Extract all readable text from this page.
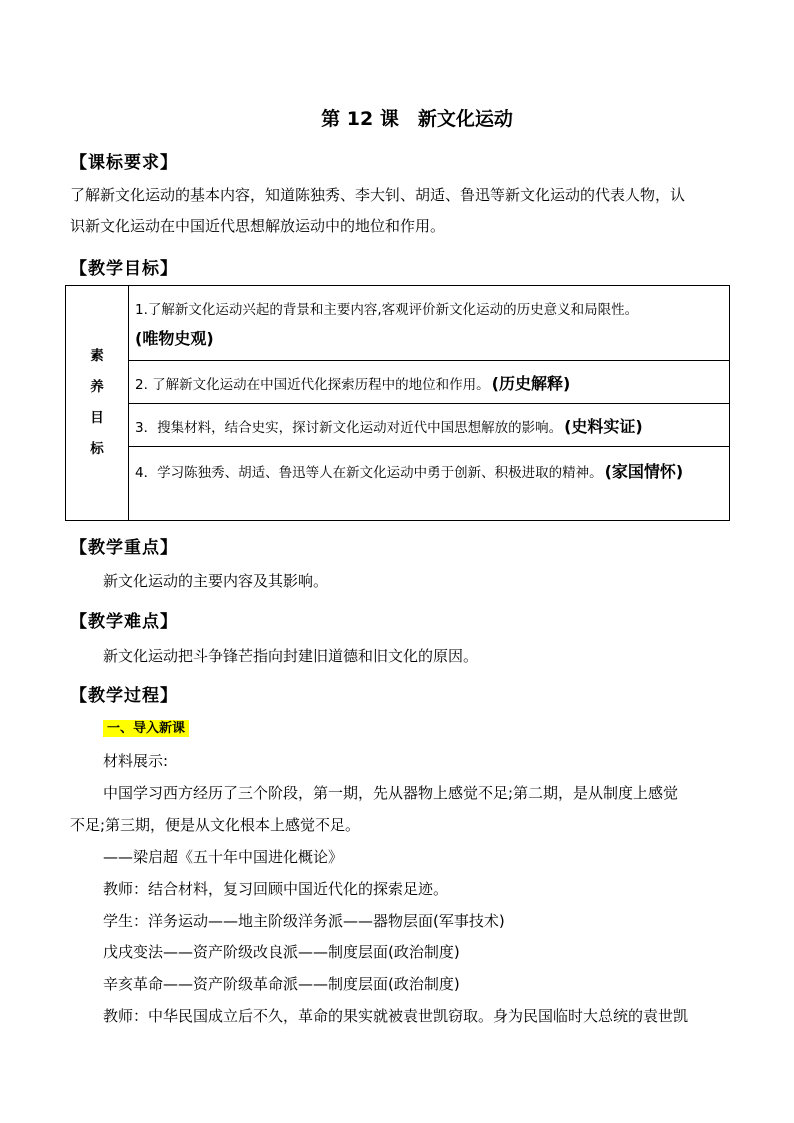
第 12 课　新文化运动
【课标要求】
了解新文化运动的基本内容，知道陈独秀、李大钊、胡适、鲁迅等新文化运动的代表人物，认
识新文化运动在中国近代思想解放运动中的地位和作用。
【教学目标】
素
养
目
标
	1.了解新文化运动兴起的背景和主要内容,客观评价新文化运动的历史意义和局限性。
(唯物史观)

2. 了解新文化运动在中国近代化探索历程中的地位和作用。 (历史解释)
3．搜集材料，结合史实，探讨新文化运动对近代中国思想解放的影响。 (史料实证)
4．学习陈独秀、胡适、鲁迅等人在新文化运动中勇于创新、积极进取的精神。 (家国情怀)
【教学重点】
新文化运动的主要内容及其影响。
【教学难点】
新文化运动把斗争锋芒指向封建旧道德和旧文化的原因。
【教学过程】
一、导入新课
材料展示:
中国学习西方经历了三个阶段，第一期，先从器物上感觉不足;第二期，是从制度上感觉
不足;第三期，便是从文化根本上感觉不足。
——梁启超《五十年中国进化概论》
教师：结合材料，复习回顾中国近代化的探索足迹。
学生：洋务运动——地主阶级洋务派——器物层面(军事技术)
戊戌变法——资产阶级改良派——制度层面(政治制度)
辛亥革命——资产阶级革命派——制度层面(政治制度)
教师：中华民国成立后不久，革命的果实就被袁世凯窃取。身为民国临时大总统的袁世凯
